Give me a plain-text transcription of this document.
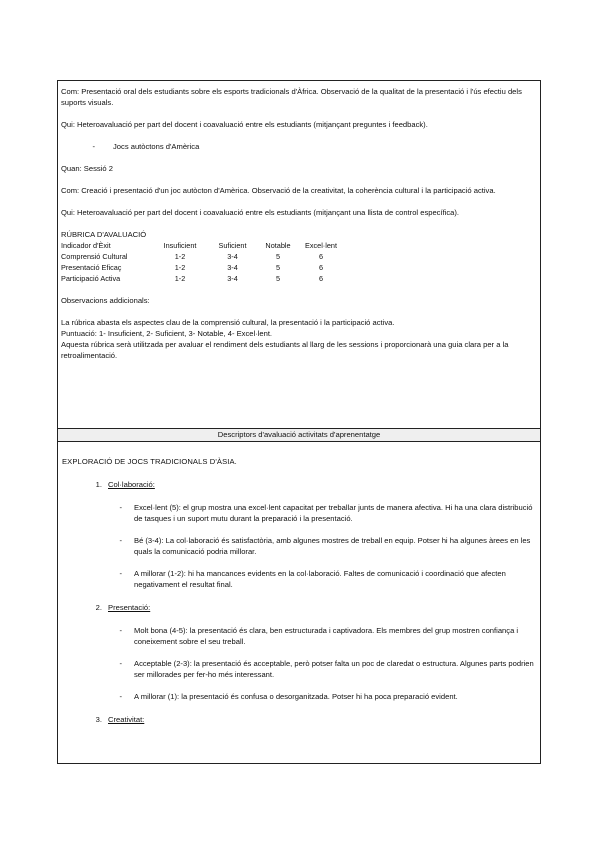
Com: Presentació oral dels estudiants sobre els esports tradicionals d'Àfrica. Observació de la qualitat de la presentació i l'ús efectiu dels suports visuals.

Qui: Heteroavaluació per part del docent i coavaluació entre els estudiants (mitjançant preguntes i feedback).

-	Jocs autòctons d'Amèrica

Quan: Sessió 2

Com: Creació i presentació d'un joc autòcton d'Amèrica. Observació de la creativitat, la coherència cultural i la participació activa.

Qui: Heteroavaluació per part del docent i coavaluació entre els estudiants (mitjançant una llista de control específica).

RÚBRICA D'AVALUACIÓ

Indicador d'Èxit	Insuficient	Suficient	Notable	Excel·lent
Comprensió Cultural	1-2	3-4	5	6
Presentació Eficaç	1-2	3-4	5	6
Participació Activa	1-2	3-4	5	6

Observacions addicionals:

La rúbrica abasta els aspectes clau de la comprensió cultural, la presentació i la participació activa.

Puntuació: 1- Insuficient, 2- Suficient, 3- Notable, 4- Excel·lent.

Aquesta rúbrica serà utilitzada per avaluar el rendiment dels estudiants al llarg de les sessions i proporcionarà una guia clara per a la retroalimentació.

Descriptors d'avaluació activitats d'aprenentatge

EXPLORACIÓ DE JOCS TRADICIONALS D'ÀSIA.

1. Col·laboració:

-	Excel·lent (5): el grup mostra una excel·lent capacitat per treballar junts de manera afectiva. Hi ha una clara distribució de tasques i un suport mutu durant la preparació i la presentació.
-	Bé (3-4): La col·laboració és satisfactòria, amb algunes mostres de treball en equip. Potser hi ha algunes àrees en les quals la comunicació podria millorar.
-	A millorar (1-2): hi ha mancances evidents en la col·laboració. Faltes de comunicació i coordinació que afecten negativament el resultat final.

2. Presentació:

-	Molt bona (4-5): la presentació és clara, ben estructurada i captivadora. Els membres del grup mostren confiança i coneixement sobre el seu treball.
-	Acceptable (2-3): la presentació és acceptable, però potser falta un poc de claredat o estructura. Algunes parts podrien ser millorades per fer-ho més interessant.
-	A millorar (1): la presentació és confusa o desorganitzada. Potser hi ha poca preparació evident.

3. Creativitat:
